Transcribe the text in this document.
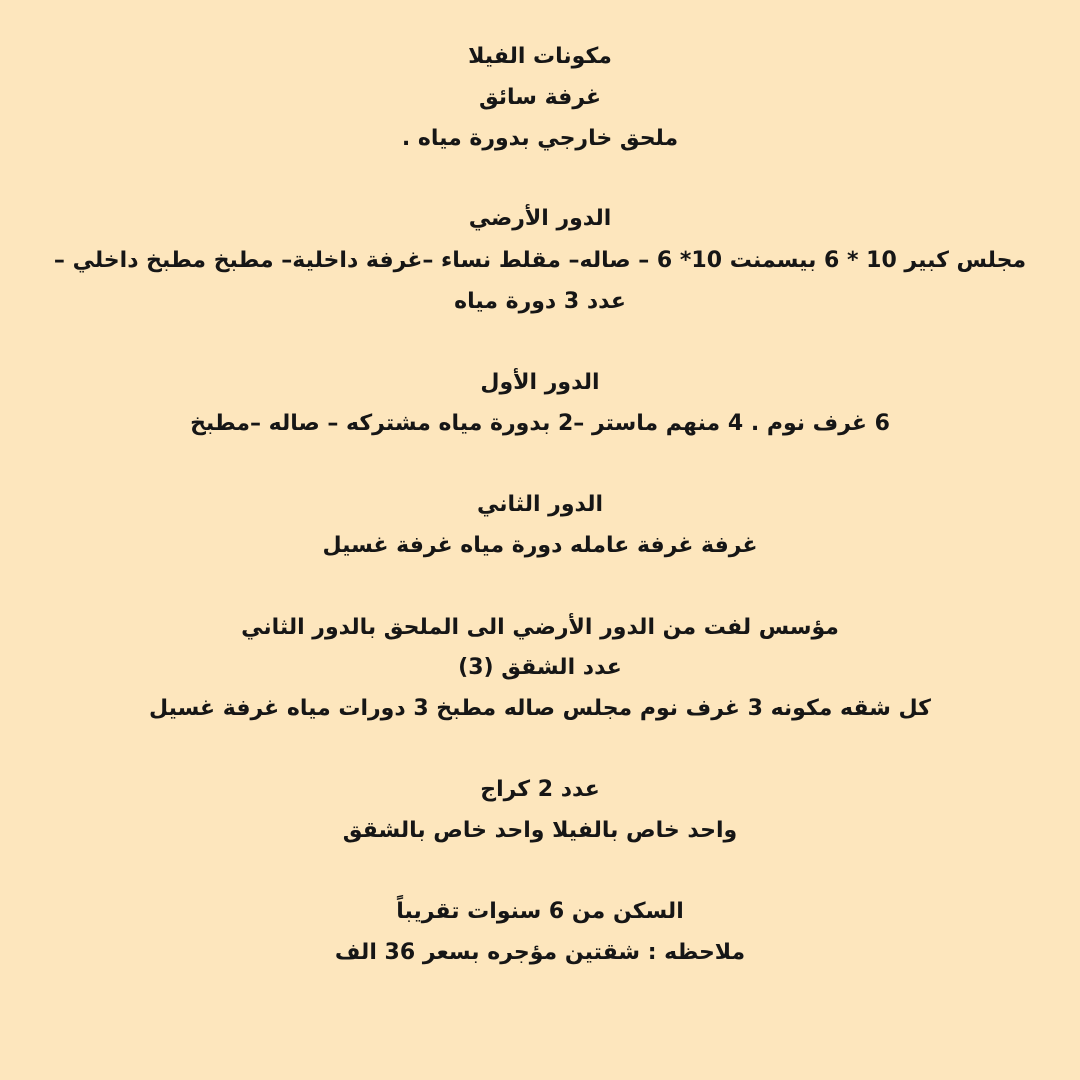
مكونات الفيلا
غرفة سائق
ملحق خارجي بدورة مياه .
الدور الأرضي
مجلس كبير 10 * 6 بيسمنت 10* 6 – صاله– مقلط نساء –غرفة داخلية– مطبخ مطبخ داخلي –
عدد 3 دورة مياه
الدور الأول
6 غرف نوم . 4 منهم ماستر –2 بدورة مياه مشتركه – صاله –مطبخ
الدور الثاني
غرفة غرفة عامله دورة مياه غرفة غسيل
مؤسس لفت من الدور الأرضي الى الملحق بالدور الثاني
عدد الشقق (3)
كل شقه مكونه 3 غرف نوم مجلس صاله مطبخ 3 دورات مياه غرفة غسيل
عدد 2 كراج
واحد خاص بالفيلا واحد خاص بالشقق
السكن من 6 سنوات تقريباً
ملاحظه : شقتين مؤجره بسعر 36 الف
